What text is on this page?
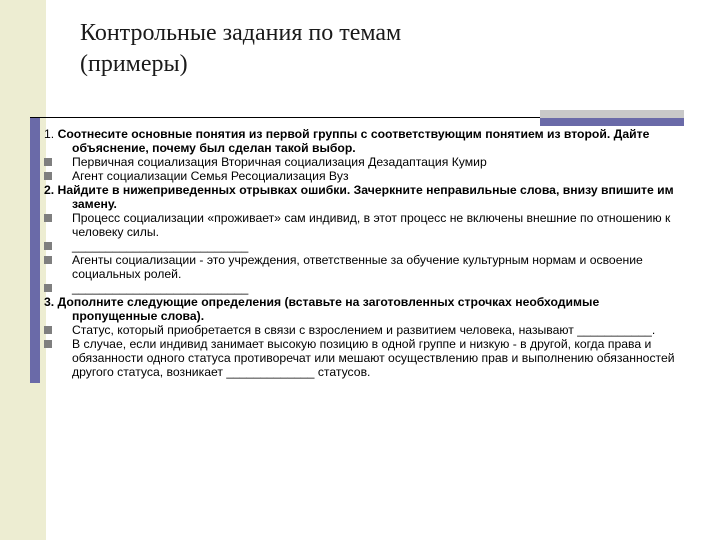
Контрольные задания по темам
(примеры)
1. Соотнесите основные понятия из первой группы с соответствующим понятием из второй. Дайте объяснение, почему был сделан такой выбор.
Первичная социализация Вторичная социализация Дезадаптация Кумир
Агент социализации Семья Ресоциализация Вуз
2. Найдите в нижеприведенных отрывках ошибки. Зачеркните неправильные слова, внизу впишите им замену.
Процесс социализации «проживает» сам индивид, в этот процесс не включены внешние по отношению к человеку силы.
__________________________
Агенты социализации - это учреждения, ответственные за обучение культурным нормам и освоение социальных ролей.
__________________________
3. Дополните следующие определения (вставьте на заготовленных строчках необходимые пропущенные слова).
Статус, который приобретается в связи с взрослением и развитием человека, называют ___________.
В случае, если индивид занимает высокую позицию в одной группе и низкую - в другой, когда права и обязанности одного статуса противоречат или мешают осуществлению прав и выполнению обязанностей другого статуса, возникает _____________ статусов.
